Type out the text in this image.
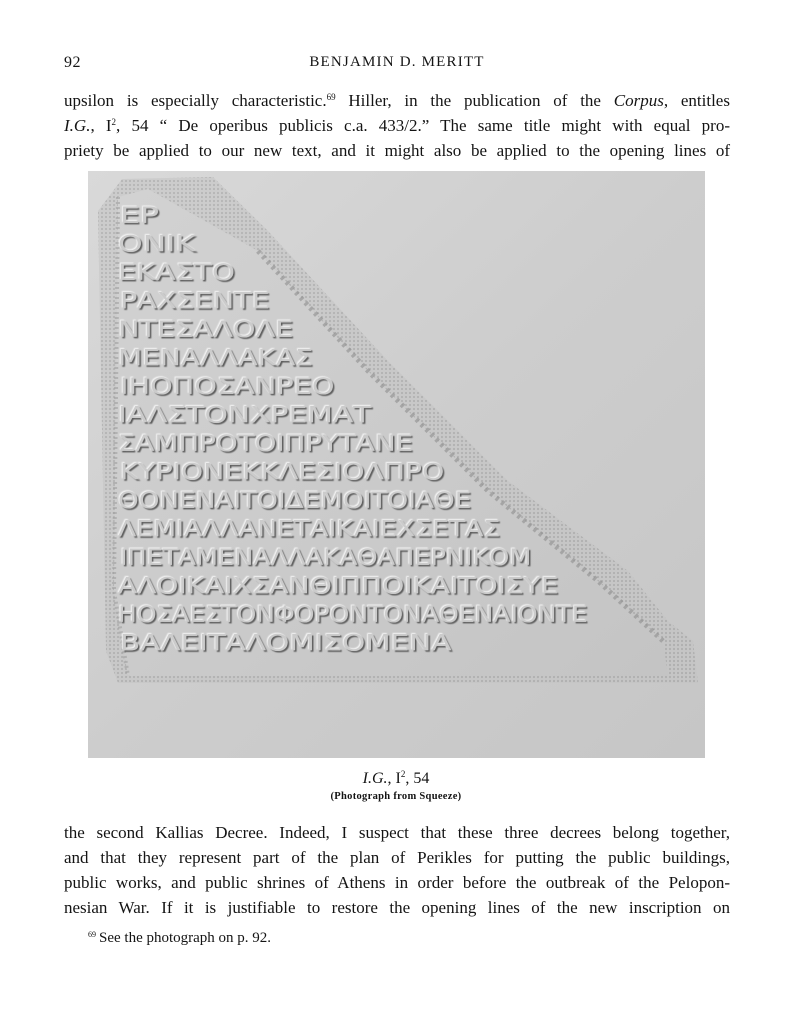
92	BENJAMIN D. MERITT

upsilon is especially characteristic.$^{69}$ Hiller, in the publication of the Corpus, entitles
I.G., $I^2$, 54 “ De operibus publicis c.a. 433/2.” The same title might with equal pro-
priety be applied to our new text, and it might also be applied to the opening lines of

ΕΡ
ΟΝΙΚ
ΕΚΑΣΤΟ
ΡΑΧΣΕΝΤΕ
ΝΤΕΣΑΛΟΛΕ
ΜΕΝΑΛΛΑΚΑΣ
ΙΗΟΠΟΣΑΝΡΕΟ
ΙΑΛΣΤΟΝΧΡΕΜΑΤ
ΣΑΜΠΡΟΤΟΙΠΡΥΤΑΝΕ
ΚΥΡΙΟΝΕΚΚΛΕΣΙΟΛΠΡΟ
ΘΟΝΕΝΑΙΤΟΙΔΕΜΟΙΤΟΙΑΘΕ
ΛΕΜΙΑΛΛΑΝΕΤΑΙΚΑΙΕΧΣΕΤΑΣ
ΙΠΕΤΑΜΕΝΑΛΛΑΚΑΘΑΠΕΡΝΙΚΟΜ
ΑΛΟΙΚΑΙΧΣΑΝΘΙΠΠΟΙΚΑΙΤΟΙΣΥΕ
ΗΟΣΑΕΣΤΟΝΦΟΡΟΝΤΟΝΑΘΕΝΑΙΟΝΤΕ
ΒΑΛΕΙΤΑΛΟΜΙΣΟΜΕΝΑ
I.G., $I^2$, 54
(Photograph from Squeeze)

the second Kallias Decree. Indeed, I suspect that these three decrees belong together,
and that they represent part of the plan of Perikles for putting the public buildings,
public works, and public shrines of Athens in order before the outbreak of the Pelopon-
nesian War. If it is justifiable to restore the opening lines of the new inscription on

$^{69}$ See the photograph on p. 92.
